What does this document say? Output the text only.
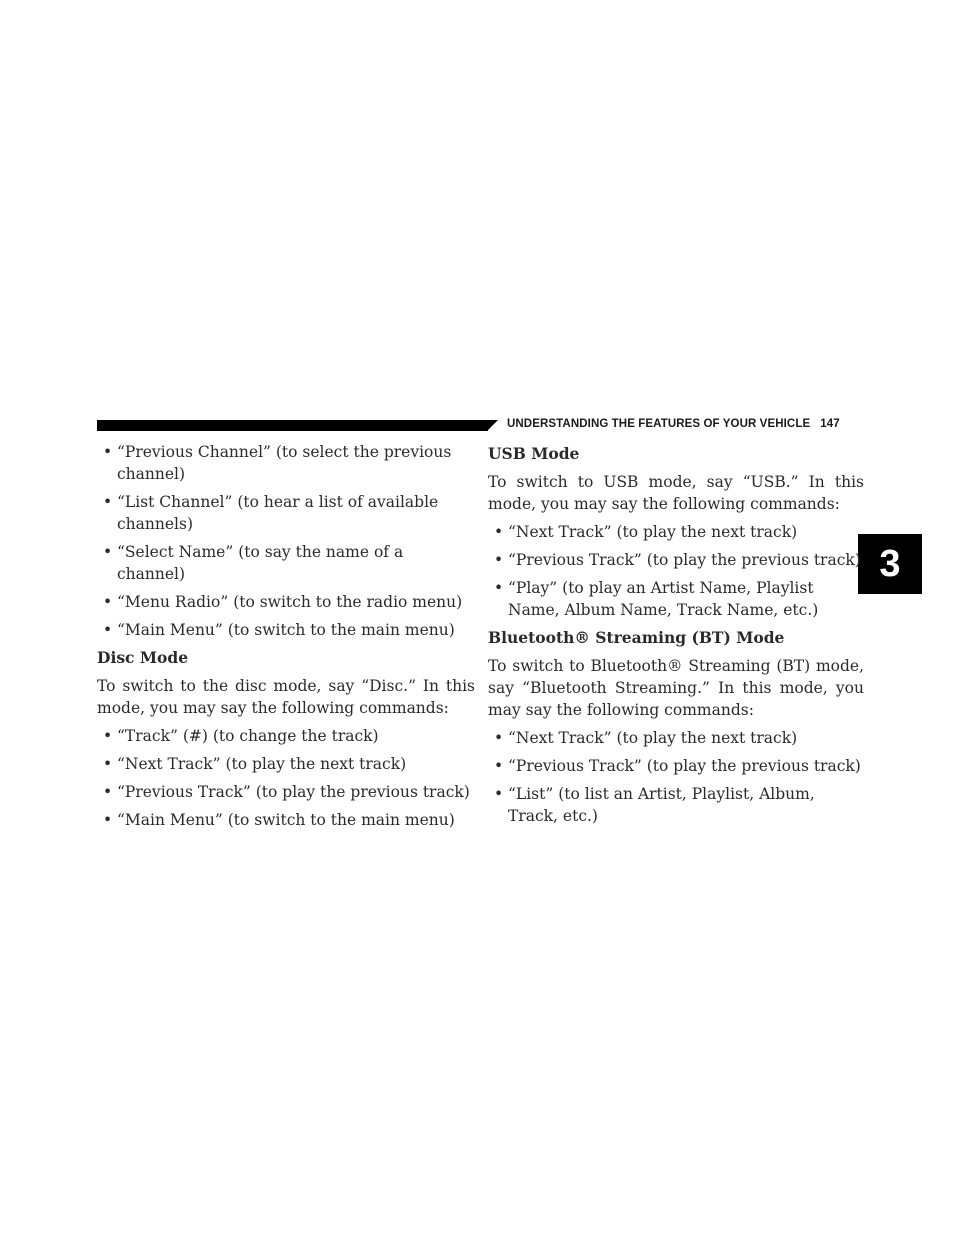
UNDERSTANDING THE FEATURES OF YOUR VEHICLE 147
3
• “Previous Channel” (to select the previous channel)
• “List Channel” (to hear a list of available channels)
• “Select Name” (to say the name of a channel)
• “Menu Radio” (to switch to the radio menu)
• “Main Menu” (to switch to the main menu)
Disc Mode
To switch to the disc mode, say “Disc.” In this mode, you may say the following commands:
• “Track” (#) (to change the track)
• “Next Track” (to play the next track)
• “Previous Track” (to play the previous track)
• “Main Menu” (to switch to the main menu)
USB Mode
To switch to USB mode, say “USB.” In this mode, you may say the following commands:
• “Next Track” (to play the next track)
• “Previous Track” (to play the previous track)
• “Play” (to play an Artist Name, Playlist Name, Album Name, Track Name, etc.)
Bluetooth® Streaming (BT) Mode
To switch to Bluetooth® Streaming (BT) mode, say “Bluetooth Streaming.” In this mode, you may say the following commands:
• “Next Track” (to play the next track)
• “Previous Track” (to play the previous track)
• “List” (to list an Artist, Playlist, Album, Track, etc.)
